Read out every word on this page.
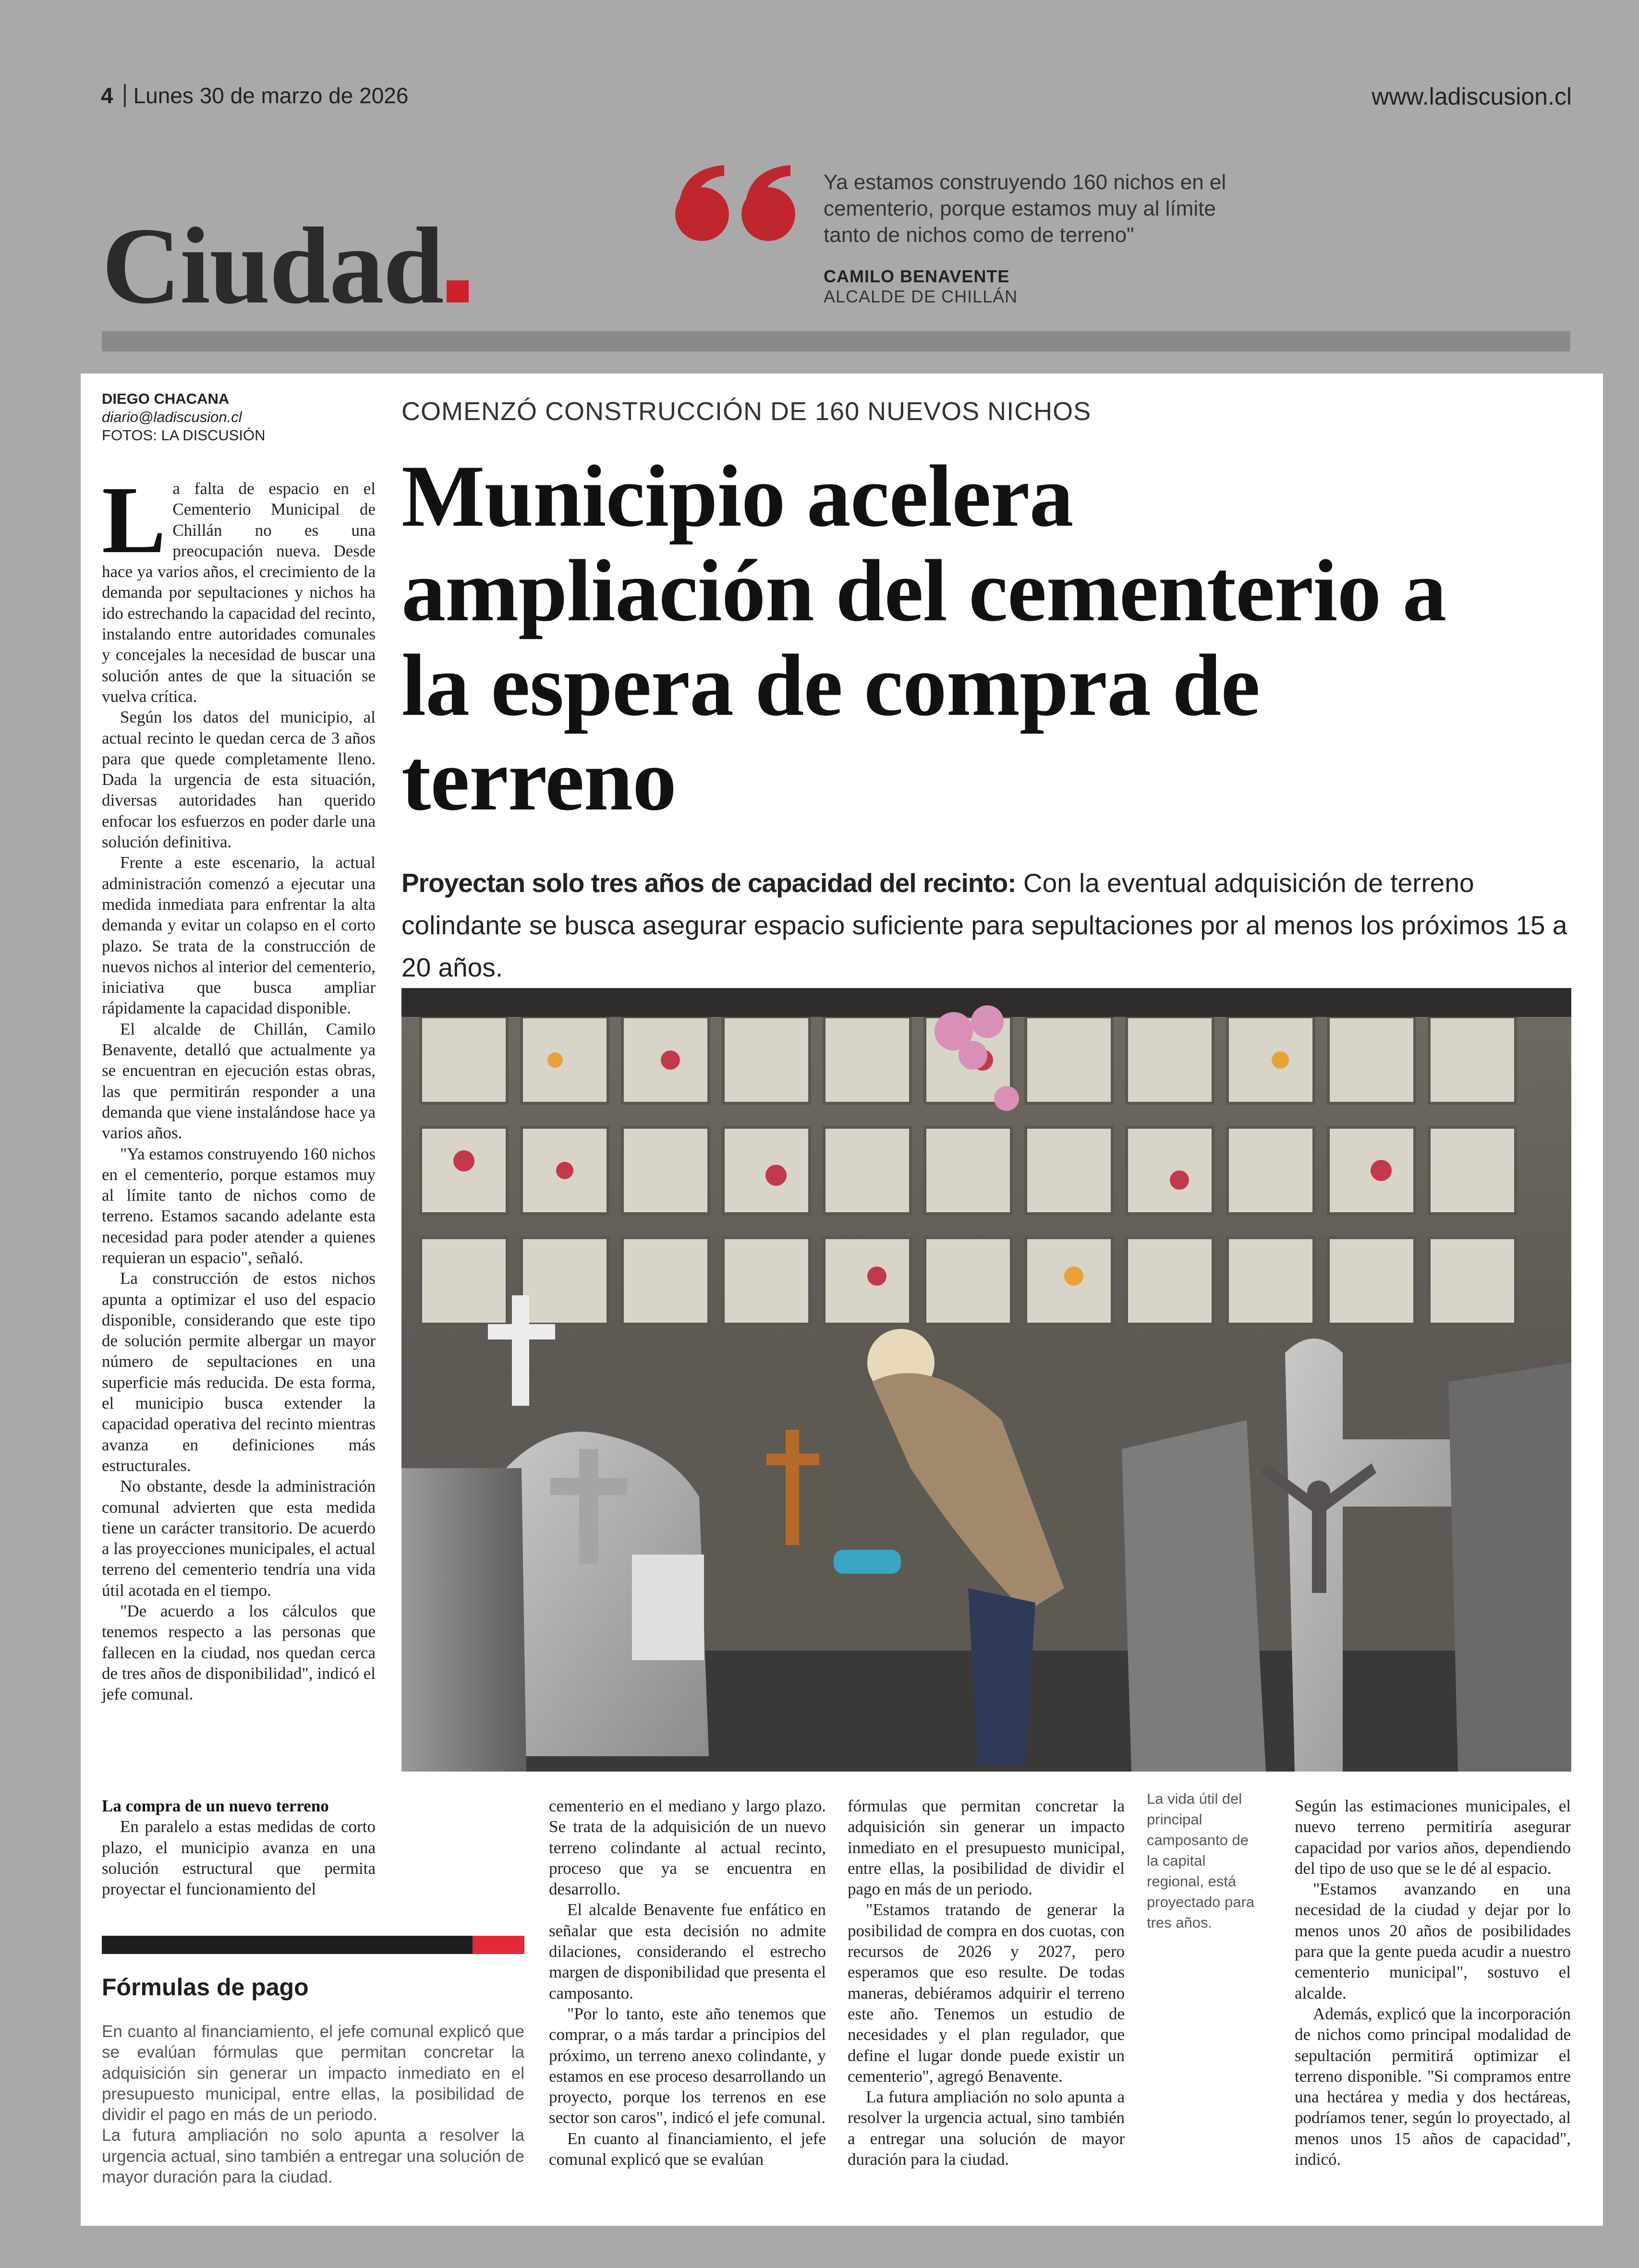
4 Lunes 30 de marzo de 2026	www.ladiscusion.cl
Ciudad
Ya estamos construyendo 160 nichos en el cementerio, porque estamos muy al límite tanto de nichos como de terreno"
CAMILO BENAVENTE
ALCALDE DE CHILLÁN
DIEGO CHACANA
diario@ladiscusion.cl
FOTOS: LA DISCUSIÓN
COMENZÓ CONSTRUCCIÓN DE 160 NUEVOS NICHOS
Municipio acelera ampliación del cementerio a la espera de compra de terreno
Proyectan solo tres años de capacidad del recinto: Con la eventual adquisición de terreno colindante se busca asegurar espacio suficiente para sepultaciones por al menos los próximos 15 a 20 años.
L a falta de espacio en el Cementerio Municipal de Chillán no es una preocupación nueva. Desde hace ya varios años, el crecimiento de la demanda por sepultaciones y nichos ha ido estrechando la capacidad del recinto, instalando entre autoridades comunales y concejales la necesidad de buscar una solución antes de que la situación se vuelva crítica.

Según los datos del municipio, al actual recinto le quedan cerca de 3 años para que quede completamente lleno. Dada la urgencia de esta situación, diversas autoridades han querido enfocar los esfuerzos en poder darle una solución definitiva.

Frente a este escenario, la actual administración comenzó a ejecutar una medida inmediata para enfrentar la alta demanda y evitar un colapso en el corto plazo. Se trata de la construcción de nuevos nichos al interior del cementerio, iniciativa que busca ampliar rápidamente la capacidad disponible.

El alcalde de Chillán, Camilo Benavente, detalló que actualmente ya se encuentran en ejecución estas obras, las que permitirán responder a una demanda que viene instalándose hace ya varios años.

"Ya estamos construyendo 160 nichos en el cementerio, porque estamos muy al límite tanto de nichos como de terreno. Estamos sacando adelante esta necesidad para poder atender a quienes requieran un espacio", señaló.

La construcción de estos nichos apunta a optimizar el uso del espacio disponible, considerando que este tipo de solución permite albergar un mayor número de sepultaciones en una superficie más reducida. De esta forma, el municipio busca extender la capacidad operativa del recinto mientras avanza en definiciones más estructurales.

No obstante, desde la administración comunal advierten que esta medida tiene un carácter transitorio. De acuerdo a las proyecciones municipales, el actual terreno del cementerio tendría una vida útil acotada en el tiempo.

"De acuerdo a los cálculos que tenemos respecto a las personas que fallecen en la ciudad, nos quedan cerca de tres años de disponibilidad", indicó el jefe comunal.

La compra de un nuevo terreno

En paralelo a estas medidas de corto plazo, el municipio avanza en una solución estructural que permita proyectar el funcionamiento del

Fórmulas de pago

En cuanto al financiamiento, el jefe comunal explicó que se evalúan fórmulas que permitan concretar la adquisición sin generar un impacto inmediato en el presupuesto municipal, entre ellas, la posibilidad de dividir el pago en más de un periodo.

La futura ampliación no solo apunta a resolver la urgencia actual, sino también a entregar una solución de mayor duración para la ciudad.

cementerio en el mediano y largo plazo. Se trata de la adquisición de un nuevo terreno colindante al actual recinto, proceso que ya se encuentra en desarrollo.

El alcalde Benavente fue enfático en señalar que esta decisión no admite dilaciones, considerando el estrecho margen de disponibilidad que presenta el camposanto.

"Por lo tanto, este año tenemos que comprar, o a más tardar a principios del próximo, un terreno anexo colindante, y estamos en ese proceso desarrollando un proyecto, porque los terrenos en ese sector son caros", indicó el jefe comunal.

En cuanto al financiamiento, el jefe comunal explicó que se evalúan

fórmulas que permitan concretar la adquisición sin generar un impacto inmediato en el presupuesto municipal, entre ellas, la posibilidad de dividir el pago en más de un periodo.

"Estamos tratando de generar la posibilidad de compra en dos cuotas, con recursos de 2026 y 2027, pero esperamos que eso resulte. De todas maneras, debiéramos adquirir el terreno este año. Tenemos un estudio de necesidades y el plan regulador, que define el lugar donde puede existir un cementerio", agregó Benavente.

La futura ampliación no solo apunta a resolver la urgencia actual, sino también a entregar una solución de mayor duración para la ciudad.

La vida útil del principal camposanto de la capital regional, está proyectado para tres años.

Según las estimaciones municipales, el nuevo terreno permitiría asegurar capacidad por varios años, dependiendo del tipo de uso que se le dé al espacio.

"Estamos avanzando en una necesidad de la ciudad y dejar por lo menos unos 20 años de posibilidades para que la gente pueda acudir a nuestro cementerio municipal", sostuvo el alcalde.

Además, explicó que la incorporación de nichos como principal modalidad de sepultación permitirá optimizar el terreno disponible. "Si compramos entre una hectárea y media y dos hectáreas, podríamos tener, según lo proyectado, al menos unos 15 años de capacidad", indicó.
